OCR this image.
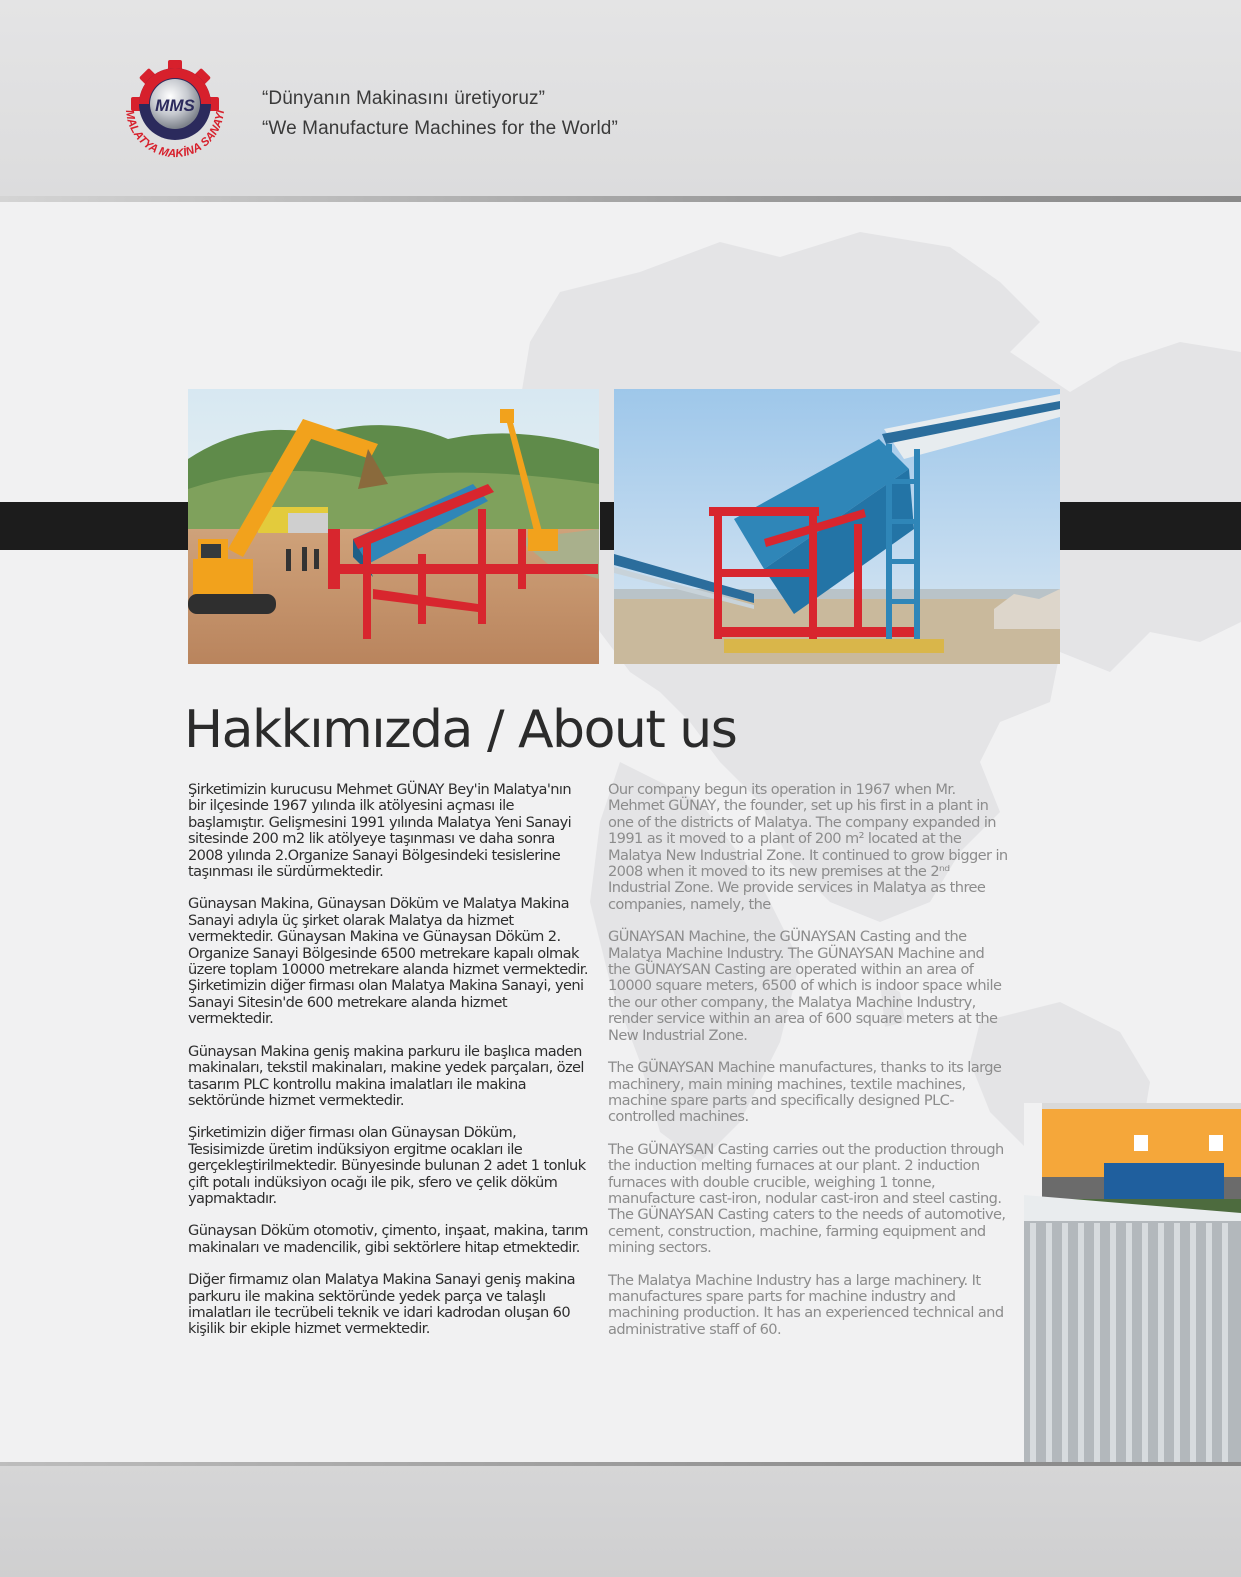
MMS
MALATYA MAKİNA SANAYİ
“Dünyanın Makinasını üretiyoruz”
“We Manufacture Machines for the World”
Hakkımızda / About us

Şirketimizin kurucusu Mehmet GÜNAY Bey'in Malatya'nın bir ilçesinde 1967 yılında ilk atölyesini açması ile başlamıştır. Gelişmesini 1991 yılında Malatya Yeni Sanayi sitesinde 200 m2 lik atölyeye taşınması ve daha sonra 2008 yılında 2.Organize Sanayi Bölgesindeki tesislerine taşınması ile sürdürmektedir.

Günaysan Makina, Günaysan Döküm ve Malatya Makina Sanayi adıyla üç şirket olarak Malatya da hizmet vermektedir. Günaysan Makina ve Günaysan Döküm 2. Organize Sanayi Bölgesinde 6500 metrekare kapalı olmak üzere toplam 10000 metrekare alanda hizmet vermektedir. Şirketimizin diğer firması olan Malatya Makina Sanayi, yeni Sanayi Sitesin'de 600 metrekare alanda hizmet vermektedir.

Günaysan Makina geniş makina parkuru ile başlıca maden makinaları, tekstil makinaları, makine yedek parçaları, özel tasarım PLC kontrollu makina imalatları ile makina sektöründe hizmet vermektedir.

Şirketimizin diğer firması olan Günaysan Döküm, Tesisimizde üretim indüksiyon ergitme ocakları ile gerçekleştirilmektedir. Bünyesinde bulunan 2 adet 1 tonluk çift potalı indüksiyon ocağı ile pik, sfero ve çelik döküm yapmaktadır.

Günaysan Döküm otomotiv, çimento, inşaat, makina, tarım makinaları ve madencilik, gibi sektörlere hitap etmektedir.

Diğer firmamız olan Malatya Makina Sanayi geniş makina parkuru ile makina sektöründe yedek parça ve talaşlı imalatları ile tecrübeli teknik ve idari kadrodan oluşan 60 kişilik bir ekiple hizmet vermektedir.

Our company begun its operation in 1967 when Mr. Mehmet GÜNAY, the founder, set up his first in a plant in one of the districts of Malatya. The company expanded in 1991 as it moved to a plant of 200 m² located at the Malatya New Industrial Zone. It continued to grow bigger in 2008 when it moved to its new premises at the 2ⁿᵈ Industrial Zone. We provide services in Malatya as three companies, namely, the

GÜNAYSAN Machine, the GÜNAYSAN Casting and the Malatya Machine Industry. The GÜNAYSAN Machine and the GÜNAYSAN Casting are operated within an area of 10000 square meters, 6500 of which is indoor space while the our other company, the Malatya Machine Industry, render service within an area of 600 square meters at the New Industrial Zone.

The GÜNAYSAN Machine manufactures, thanks to its large machinery, main mining machines, textile machines, machine spare parts and specifically designed PLC-controlled machines.

The GÜNAYSAN Casting carries out the production through the induction melting furnaces at our plant. 2 induction furnaces with double crucible, weighing 1 tonne, manufacture cast-iron, nodular cast-iron and steel casting. The GÜNAYSAN Casting caters to the needs of automotive, cement, construction, machine, farming equipment and mining sectors.

The Malatya Machine Industry has a large machinery. It manufactures spare parts for machine industry and machining production. It has an experienced technical and administrative staff of 60.
